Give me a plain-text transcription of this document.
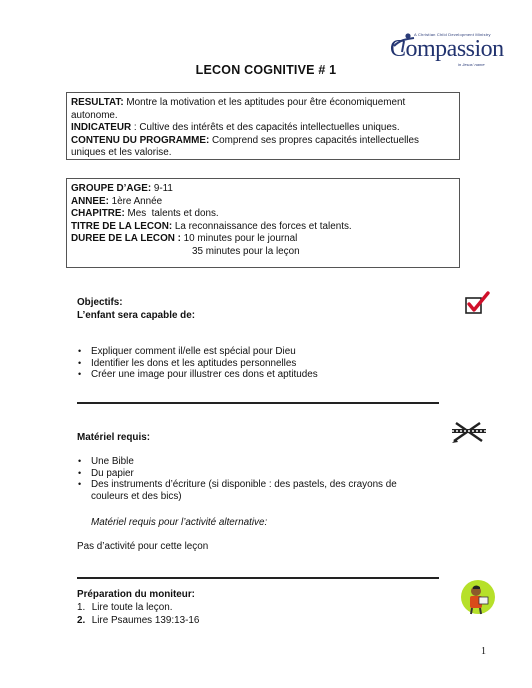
A Christian Child Development Ministry
Compassion
in Jesus' name
LECON COGNITIVE # 1
RESULTAT: Montre la motivation et les aptitudes pour être économiquement autonome.
INDICATEUR : Cultive des intérêts et des capacités intellectuelles uniques.
CONTENU DU PROGRAMME: Comprend ses propres capacités intellectuelles uniques et les valorise.
GROUPE D’AGE: 9-11
ANNEE: 1ère Année
CHAPITRE: Mes  talents et dons.
TITRE DE LA LECON: La reconnaissance des forces et talents.
DUREE DE LA LECON : 10 minutes pour le journal
35 minutes pour la leçon
Objectifs:
L’enfant sera capable de:
• Expliquer comment il/elle est spécial pour Dieu
• Identifier les dons et les aptitudes personnelles
• Créer une image pour illustrer ces dons et aptitudes
Matériel requis:
• Une Bible
• Du papier
• Des instruments d’écriture (si disponible : des pastels, des crayons de couleurs et des bics)
Matériel requis pour l’activité alternative:
Pas d’activité pour cette leçon
Préparation du moniteur:
1. Lire toute la leçon.
2. Lire Psaumes 139:13-16
1
